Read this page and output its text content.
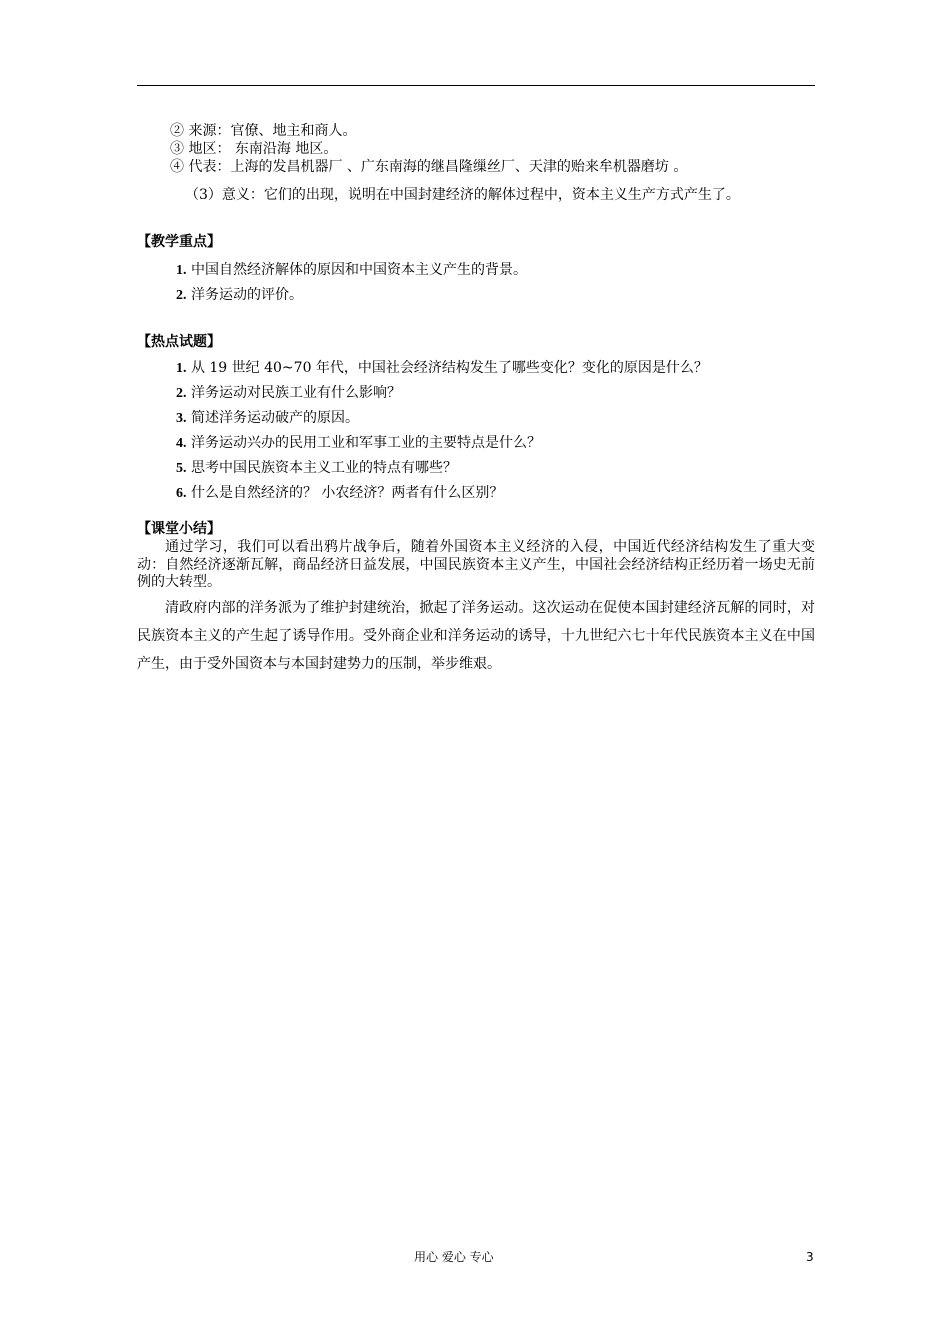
② 来源：官僚、地主和商人。
③ 地区： 东南沿海 地区。
④ 代表：上海的发昌机器厂 、广东南海的继昌隆缫丝厂、天津的贻来牟机器磨坊 。
（3）意义：它们的出现，说明在中国封建经济的解体过程中，资本主义生产方式产生了。
【教学重点】
1. 中国自然经济解体的原因和中国资本主义产生的背景。
2. 洋务运动的评价。
【热点试题】
1. 从 19 世纪 40~70 年代，中国社会经济结构发生了哪些变化？变化的原因是什么？
2. 洋务运动对民族工业有什么影响？
3. 简述洋务运动破产的原因。
4. 洋务运动兴办的民用工业和军事工业的主要特点是什么？
5. 思考中国民族资本主义工业的特点有哪些？
6. 什么是自然经济的？ 小农经济？两者有什么区别？
【课堂小结】
通过学习，我们可以看出鸦片战争后，随着外国资本主义经济的入侵，中国近代经济结构发生了重大变动：自然经济逐渐瓦解，商品经济日益发展，中国民族资本主义产生，中国社会经济结构正经历着一场史无前例的大转型。
清政府内部的洋务派为了维护封建统治，掀起了洋务运动。这次运动在促使本国封建经济瓦解的同时，对民族资本主义的产生起了诱导作用。受外商企业和洋务运动的诱导，十九世纪六七十年代民族资本主义在中国产生，由于受外国资本与本国封建势力的压制，举步维艰。
用心 爱心 专心	3
